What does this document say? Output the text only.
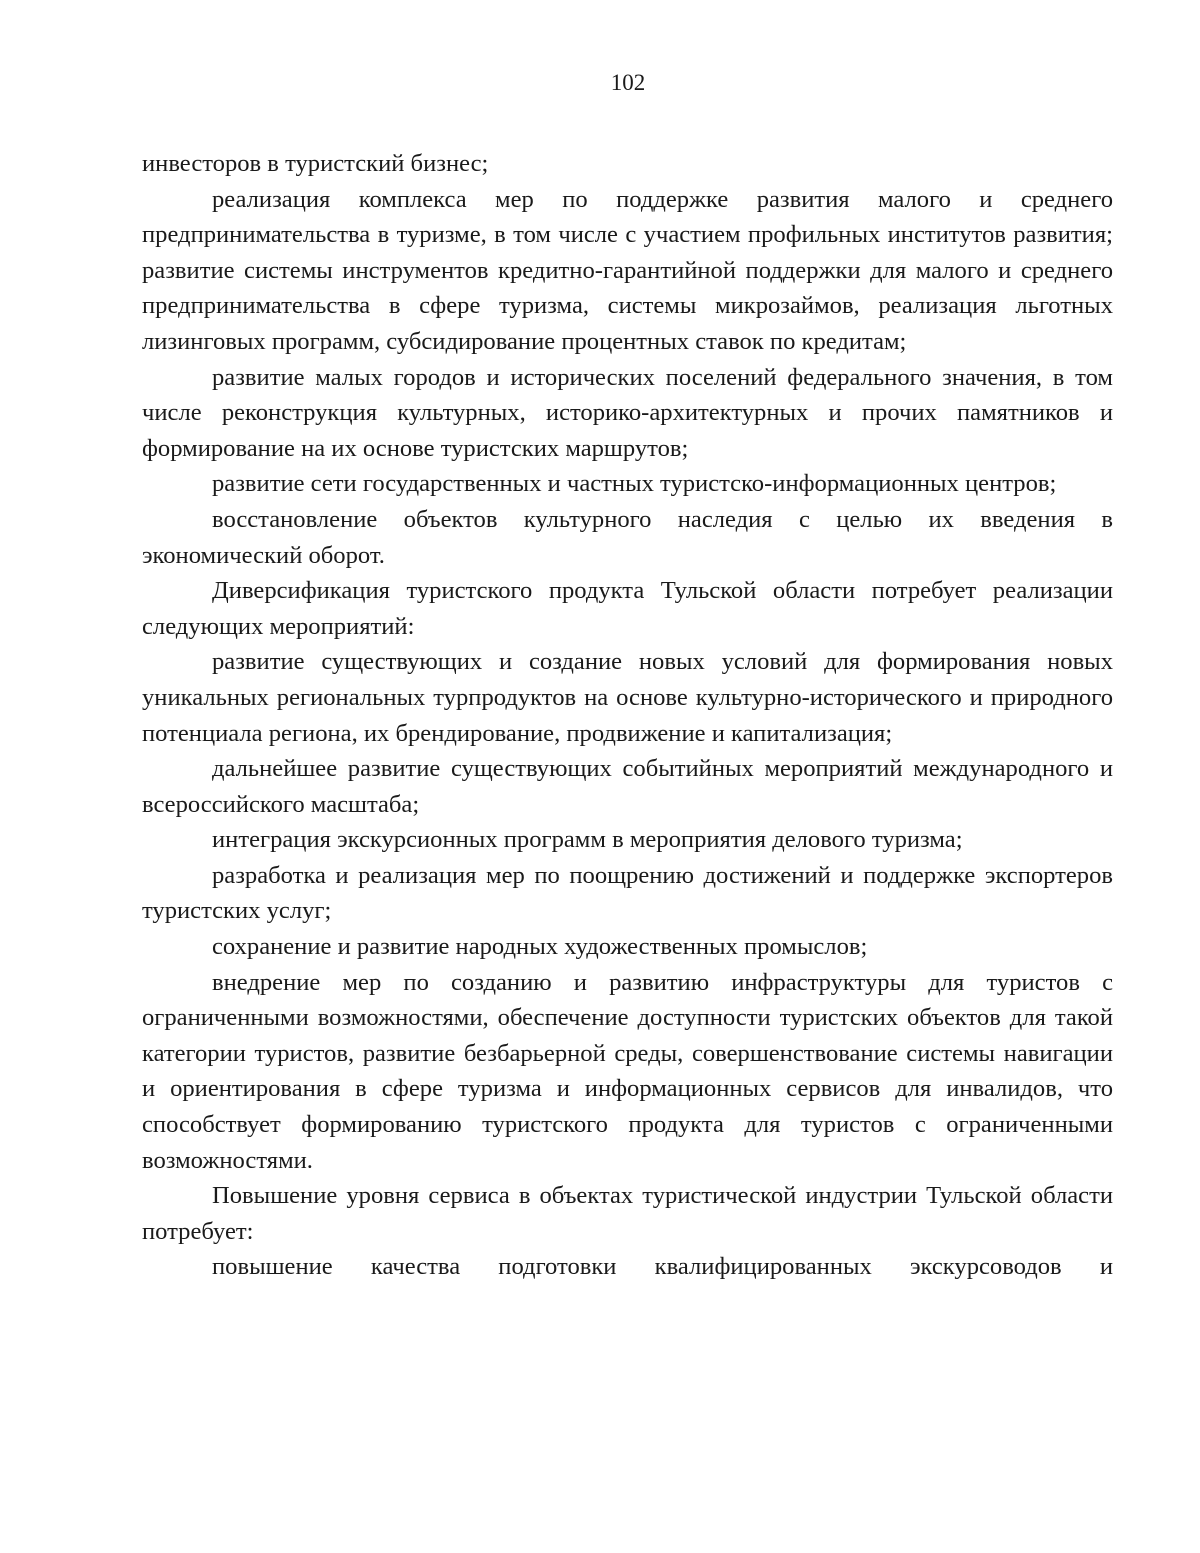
102

инвесторов в туристский бизнес;

реализация комплекса мер по поддержке развития малого и среднего предпринимательства в туризме, в том числе с участием профильных институтов развития; развитие системы инструментов кредитно-гарантийной поддержки для малого и среднего предпринимательства в сфере туризма, системы микрозаймов, реализация льготных лизинговых программ, субсидирование процентных ставок по кредитам;

развитие малых городов и исторических поселений федерального значения, в том числе реконструкция культурных, историко-архитектурных и прочих памятников и формирование на их основе туристских маршрутов;

развитие сети государственных и частных туристско-информационных центров;

восстановление объектов культурного наследия с целью их введения в экономический оборот.

Диверсификация туристского продукта Тульской области потребует реализации следующих мероприятий:

развитие существующих и создание новых условий для формирования новых уникальных региональных турпродуктов на основе культурно-исторического и природного потенциала региона, их брендирование, продвижение и капитализация;

дальнейшее развитие существующих событийных мероприятий международного и всероссийского масштаба;

интеграция экскурсионных программ в мероприятия делового туризма;

разработка и реализация мер по поощрению достижений и поддержке экспортеров туристских услуг;

сохранение и развитие народных художественных промыслов;

внедрение мер по созданию и развитию инфраструктуры для туристов с ограниченными возможностями, обеспечение доступности туристских объектов для такой категории туристов, развитие безбарьерной среды, совершенствование системы навигации и ориентирования в сфере туризма и информационных сервисов для инвалидов, что способствует формированию туристского продукта для туристов с ограниченными возможностями.

Повышение уровня сервиса в объектах туристической индустрии Тульской области потребует:

повышение качества подготовки квалифицированных экскурсоводов и
